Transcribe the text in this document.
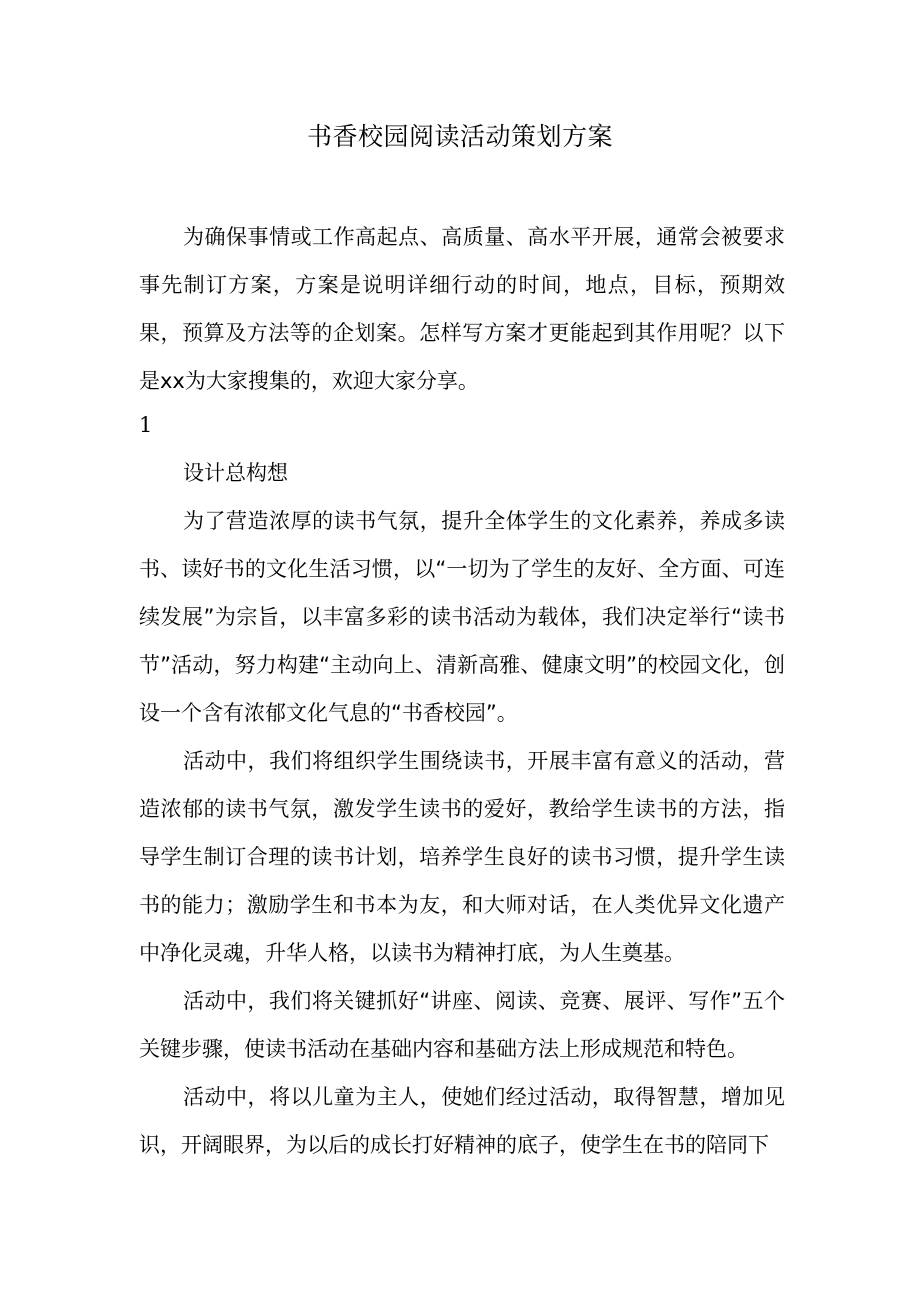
书香校园阅读活动策划方案

为确保事情或工作高起点、高质量、高水平开展，通常会被要求事先制订方案，方案是说明详细行动的时间，地点，目标，预期效果，预算及方法等的企划案。怎样写方案才更能起到其作用呢？以下是xx为大家搜集的，欢迎大家分享。

1
设计总构想

为了营造浓厚的读书气氛，提升全体学生的文化素养，养成多读书、读好书的文化生活习惯，以“一切为了学生的友好、全方面、可连续发展”为宗旨，以丰富多彩的读书活动为载体，我们决定举行“读书节”活动，努力构建“主动向上、清新高雅、健康文明”的校园文化，创设一个含有浓郁文化气息的“书香校园”。

活动中，我们将组织学生围绕读书，开展丰富有意义的活动，营造浓郁的读书气氛，激发学生读书的爱好，教给学生读书的方法，指导学生制订合理的读书计划，培养学生良好的读书习惯，提升学生读书的能力；激励学生和书本为友，和大师对话，在人类优异文化遗产中净化灵魂，升华人格，以读书为精神打底，为人生奠基。

活动中，我们将关键抓好“讲座、阅读、竞赛、展评、写作”五个关键步骤，使读书活动在基础内容和基础方法上形成规范和特色。

活动中，将以儿童为主人，使她们经过活动，取得智慧，增加见识，开阔眼界，为以后的成长打好精神的底子，使学生在书的陪同下
